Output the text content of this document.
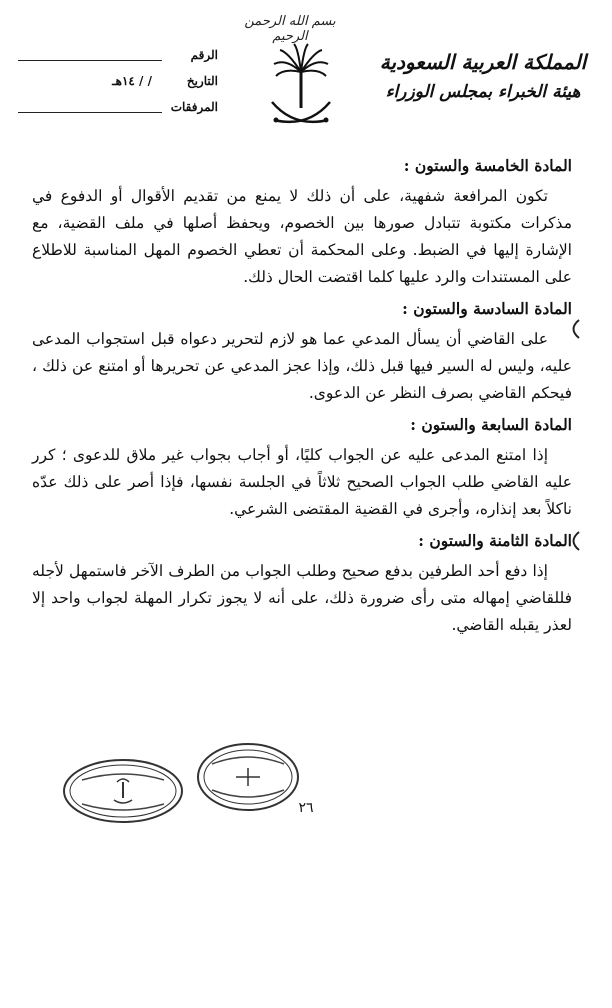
بسم الله الرحمن الرحيم
المملكة العربية السعودية
هيئة الخبراء بمجلس الوزراء
الرقم
التاريخ
/ / ١٤هـ
المرفقات

المادة الخامسة والستون :

تكون المرافعة شفهية، على أن ذلك لا يمنع من تقديم الأقوال أو الدفوع في مذكرات مكتوبة تتبادل صورها بين الخصوم، ويحفظ أصلها في ملف القضية، مع الإشارة إليها في الضبط. وعلى المحكمة أن تعطي الخصوم المهل المناسبة للاطلاع على المستندات والرد عليها كلما اقتضت الحال ذلك.

المادة السادسة والستون :

على القاضي أن يسأل المدعي عما هو لازم لتحرير دعواه قبل استجواب المدعى عليه، وليس له السير فيها قبل ذلك، وإذا عجز المدعي عن تحريرها أو امتنع عن ذلك ، فيحكم القاضي بصرف النظر عن الدعوى.

المادة السابعة والستون :

إذا امتنع المدعى عليه عن الجواب كليًا، أو أجاب بجواب غير ملاق للدعوى ؛ كرر عليه القاضي طلب الجواب الصحيح ثلاثاً في الجلسة نفسها، فإذا أصر على ذلك عدّه ناكلاً بعد إنذاره، وأجرى في القضية المقتضى الشرعي.

المادة الثامنة والستون :

إذا دفع أحد الطرفين بدفع صحيح وطلب الجواب من الطرف الآخر فاستمهل لأجله فللقاضي إمهاله متى رأى ضرورة ذلك، على أنه لا يجوز تكرار المهلة لجواب واحد إلا لعذر يقبله القاضي.

٢٦
